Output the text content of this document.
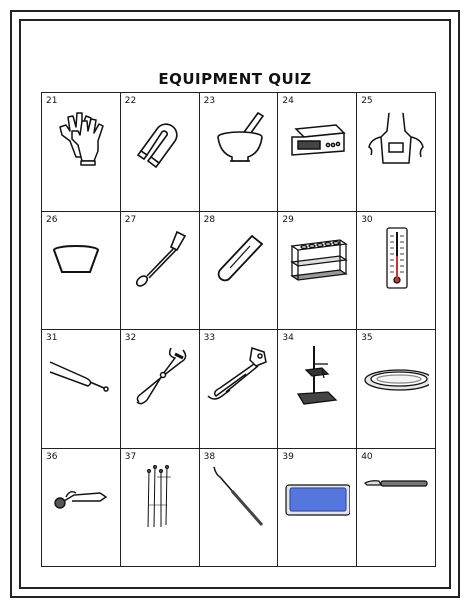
EQUIPMENT QUIZ
21	22	23	24	25
26	27	28	29	30
31	32	33	34	35
36	37	38	39	40
